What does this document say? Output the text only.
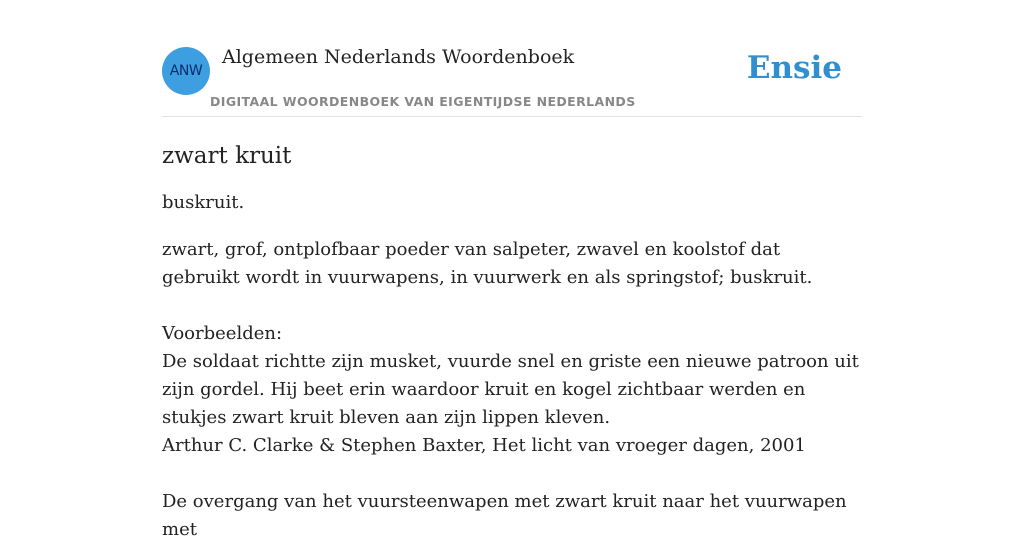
ANW
Algemeen Nederlands Woordenboek
DIGITAAL WOORDENBOEK VAN EIGENTIJDSE NEDERLANDS
Ensie
zwart kruit

buskruit.

zwart, grof, ontplofbaar poeder van salpeter, zwavel en koolstof dat gebruikt wordt in vuurwapens, in vuurwerk en als springstof; buskruit.

Voorbeelden:

De soldaat richtte zijn musket, vuurde snel en griste een nieuwe patroon uit zijn gordel. Hij beet erin waardoor kruit en kogel zichtbaar werden en stukjes zwart kruit bleven aan zijn lippen kleven.

Arthur C. Clarke & Stephen Baxter, Het licht van vroeger dagen, 2001

De overgang van het vuursteenwapen met zwart kruit naar het vuurwapen met
